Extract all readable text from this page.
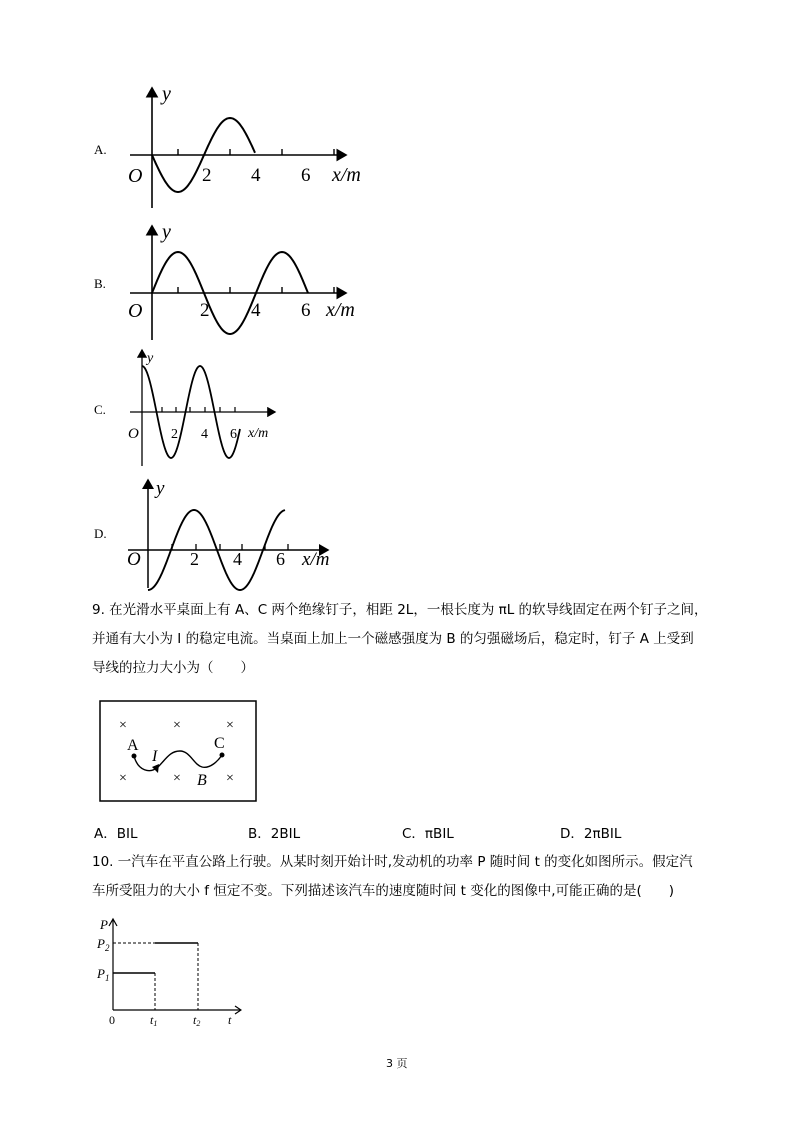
A.
y
O	2 4 6 x/m
B.
y
O	2 4 6 x/m
C.
y
O 2 4 6 x/m
D.
y
O	2 4 6 x/m
9. 在光滑水平桌面上有 A、C 两个绝缘钉子，相距 2L，一根长度为 πL 的软导线固定在两个钉子之间，
并通有大小为 I 的稳定电流。当桌面上加上一个磁感强度为 B 的匀强磁场后，稳定时，钉子 A 上受到
导线的拉力大小为（　　）
×	×	×
×	×	×
A	C
I
B
A．BIL	B．2BIL	C．πBIL	D．2πBIL
10. 一汽车在平直公路上行驶。从某时刻开始计时,发动机的功率 P 随时间 t 的变化如图所示。假定汽
车所受阻力的大小 f 恒定不变。下列描述该汽车的速度随时间 t 变化的图像中,可能正确的是(　　)
P
$P_2$
$P_1$
0	t1	t2 t
3 页
